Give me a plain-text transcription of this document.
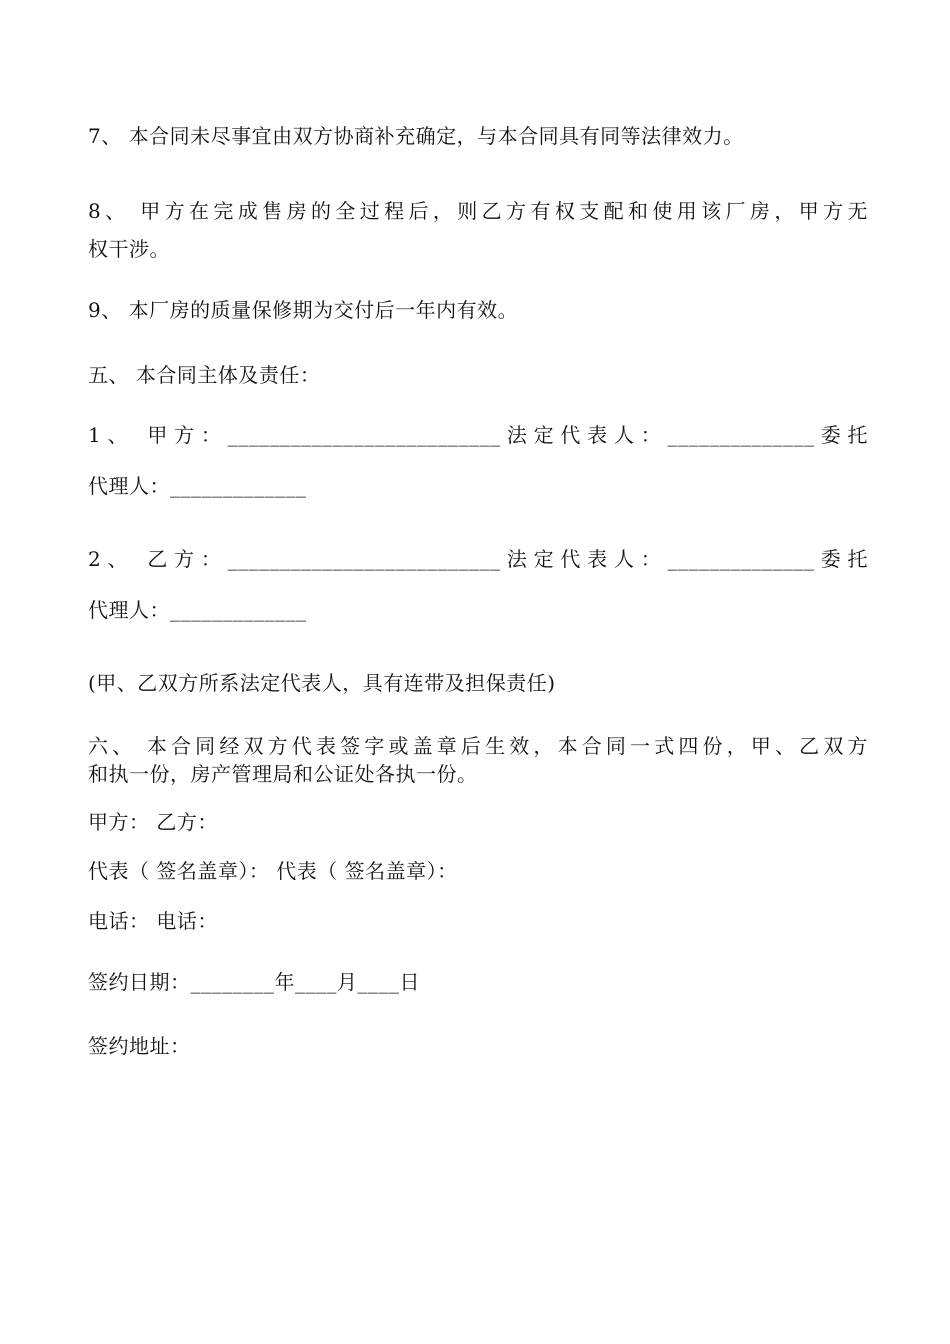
7、 本合同未尽事宜由双方协商补充确定，与本合同具有同等法律效力。
8、 甲方在完成售房的全过程后，则乙方有权支配和使用该厂房，甲方无
权干涉。
9、 本厂房的质量保修期为交付后一年内有效。
五、 本合同主体及责任：
1、 甲方：__________________________法定代表人：______________委托
代理人：_____________
2、 乙方：__________________________法定代表人：______________委托
代理人：_____________
(甲、乙双方所系法定代表人，具有连带及担保责任)
六、 本合同经双方代表签字或盖章后生效，本合同一式四份，甲、乙双方
和执一份，房产管理局和公证处各执一份。
甲方： 乙方：
代表（ 签名盖章）： 代表（ 签名盖章）：
电话： 电话：
签约日期：________年____月____日
签约地址：
